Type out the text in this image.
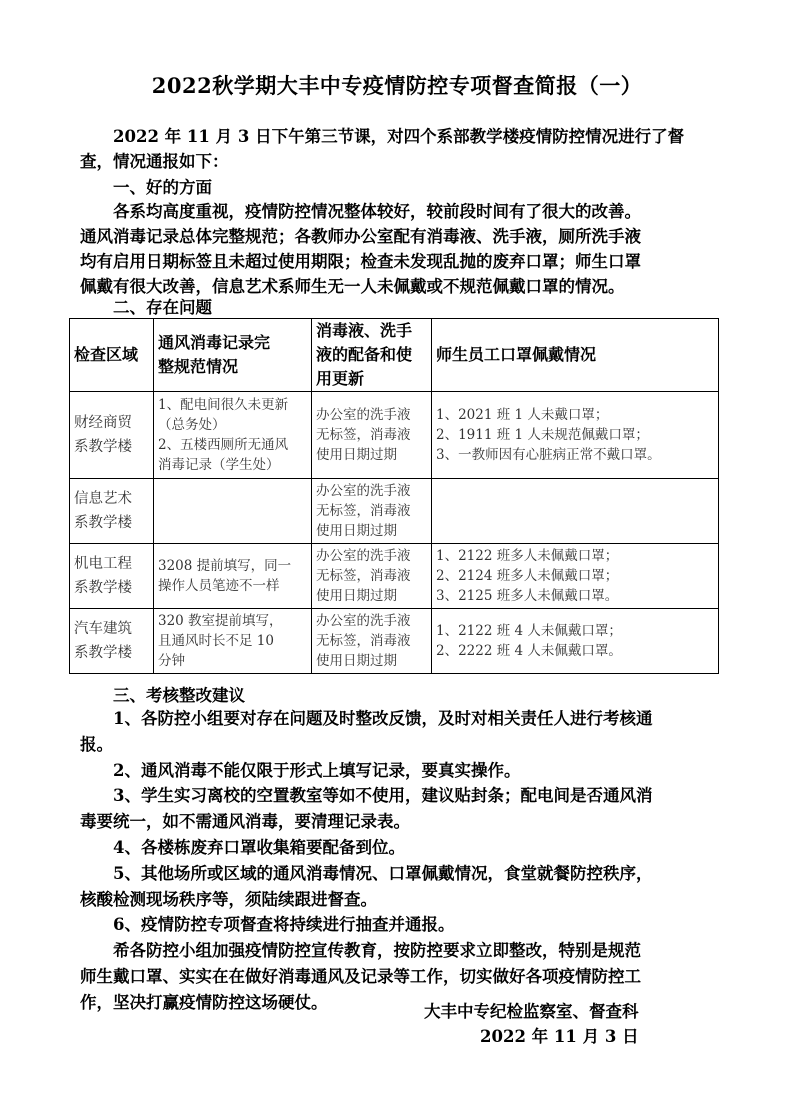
2022秋学期大丰中专疫情防控专项督查简报（一）
2022 年 11 月 3 日下午第三节课，对四个系部教学楼疫情防控情况进行了督
查，情况通报如下：
一、好的方面
各系均高度重视，疫情防控情况整体较好，较前段时间有了很大的改善。
通风消毒记录总体完整规范；各教师办公室配有消毒液、洗手液，厕所洗手液
均有启用日期标签且未超过使用期限；检查未发现乱抛的废弃口罩；师生口罩
佩戴有很大改善，信息艺术系师生无一人未佩戴或不规范佩戴口罩的情况。
二、存在问题
检查区域	通风消毒记录完
整规范情况	消毒液、洗手
液的配备和使
用更新	师生员工口罩佩戴情况

财经商贸
系教学楼	1、配电间很久未更新
（总务处）
2、五楼西厕所无通风
消毒记录（学生处）	办公室的洗手液
无标签，消毒液
使用日期过期	1、2021 班 1 人未戴口罩；
2、1911 班 1 人未规范佩戴口罩；
3、一教师因有心脏病正常不戴口罩。

信息艺术
系教学楼		办公室的洗手液
无标签，消毒液
使用日期过期	

机电工程
系教学楼	3208 提前填写，同一
操作人员笔迹不一样	办公室的洗手液
无标签，消毒液
使用日期过期	1、2122 班多人未佩戴口罩；
2、2124 班多人未佩戴口罩；
3、2125 班多人未佩戴口罩。

汽车建筑
系教学楼	320 教室提前填写，
且通风时长不足 10
分钟	办公室的洗手液
无标签，消毒液
使用日期过期	1、2122 班 4 人未佩戴口罩；
2、2222 班 4 人未佩戴口罩。
三、考核整改建议
1、各防控小组要对存在问题及时整改反馈，及时对相关责任人进行考核通
报。
2、通风消毒不能仅限于形式上填写记录，要真实操作。
3、学生实习离校的空置教室等如不使用，建议贴封条；配电间是否通风消
毒要统一，如不需通风消毒，要清理记录表。
4、各楼栋废弃口罩收集箱要配备到位。
5、其他场所或区域的通风消毒情况、口罩佩戴情况，食堂就餐防控秩序，
核酸检测现场秩序等，须陆续跟进督查。
6、疫情防控专项督查将持续进行抽查并通报。
希各防控小组加强疫情防控宣传教育，按防控要求立即整改，特别是规范
师生戴口罩、实实在在做好消毒通风及记录等工作，切实做好各项疫情防控工
作，坚决打赢疫情防控这场硬仗。	大丰中专纪检监察室、督查科
2022 年 11 月 3 日
